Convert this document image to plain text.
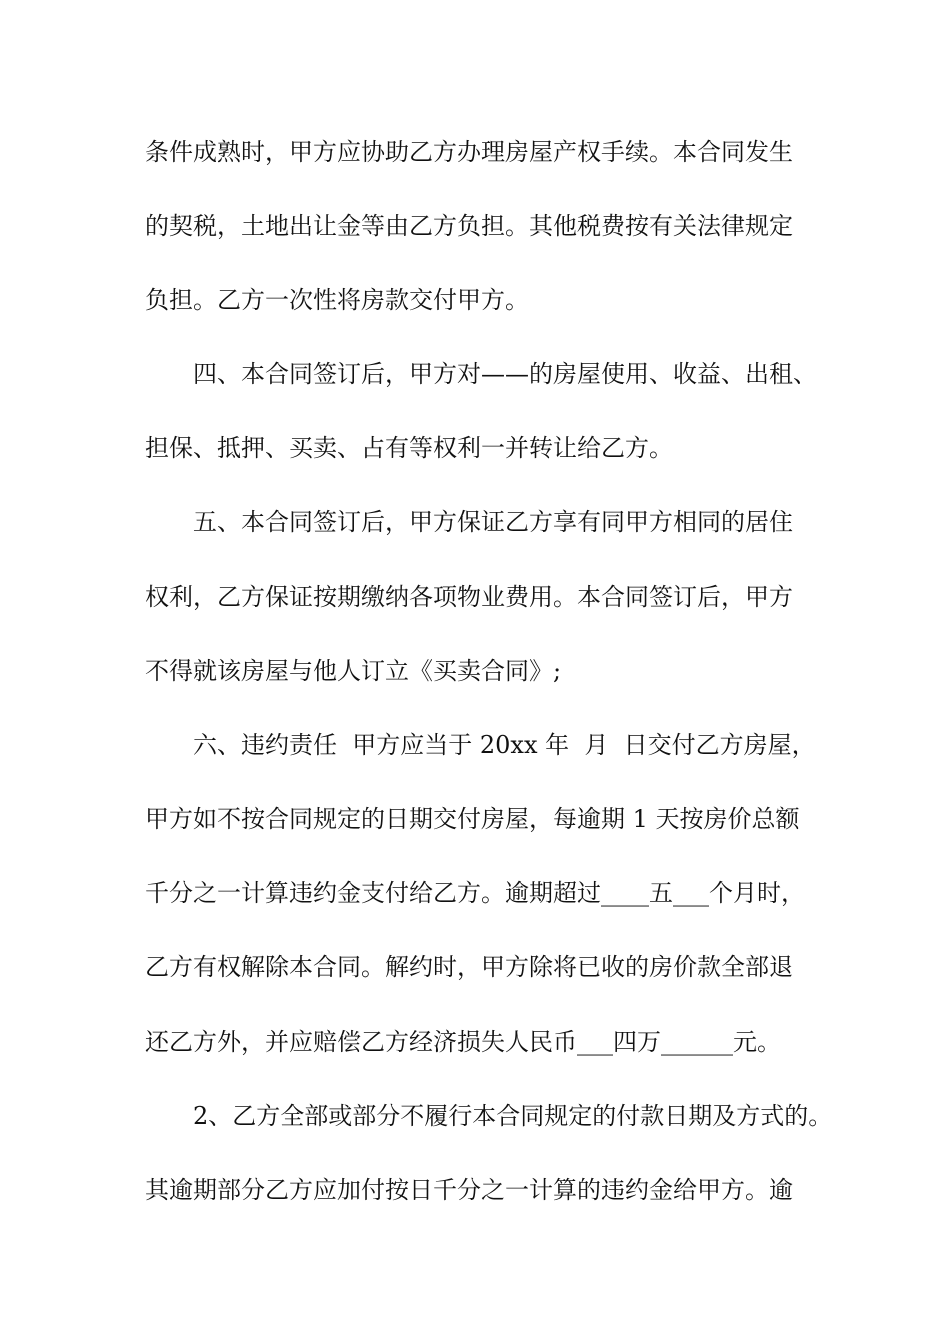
条件成熟时，甲方应协助乙方办理房屋产权手续。本合同发生
的契税，土地出让金等由乙方负担。其他税费按有关法律规定
负担。乙方一次性将房款交付甲方。
四、本合同签订后，甲方对——的房屋使用、收益、出租、
担保、抵押、买卖、占有等权利一并转让给乙方。
五、本合同签订后，甲方保证乙方享有同甲方相同的居住
权利，乙方保证按期缴纳各项物业费用。本合同签订后，甲方
不得就该房屋与他人订立《买卖合同》;
六、违约责任  甲方应当于 20xx 年  月  日交付乙方房屋，
甲方如不按合同规定的日期交付房屋，每逾期 1 天按房价总额
千分之一计算违约金支付给乙方。逾期超过____五___个月时，
乙方有权解除本合同。解约时，甲方除将已收的房价款全部退
还乙方外，并应赔偿乙方经济损失人民币___四万______元。
2、乙方全部或部分不履行本合同规定的付款日期及方式的。
其逾期部分乙方应加付按日千分之一计算的违约金给甲方。逾
